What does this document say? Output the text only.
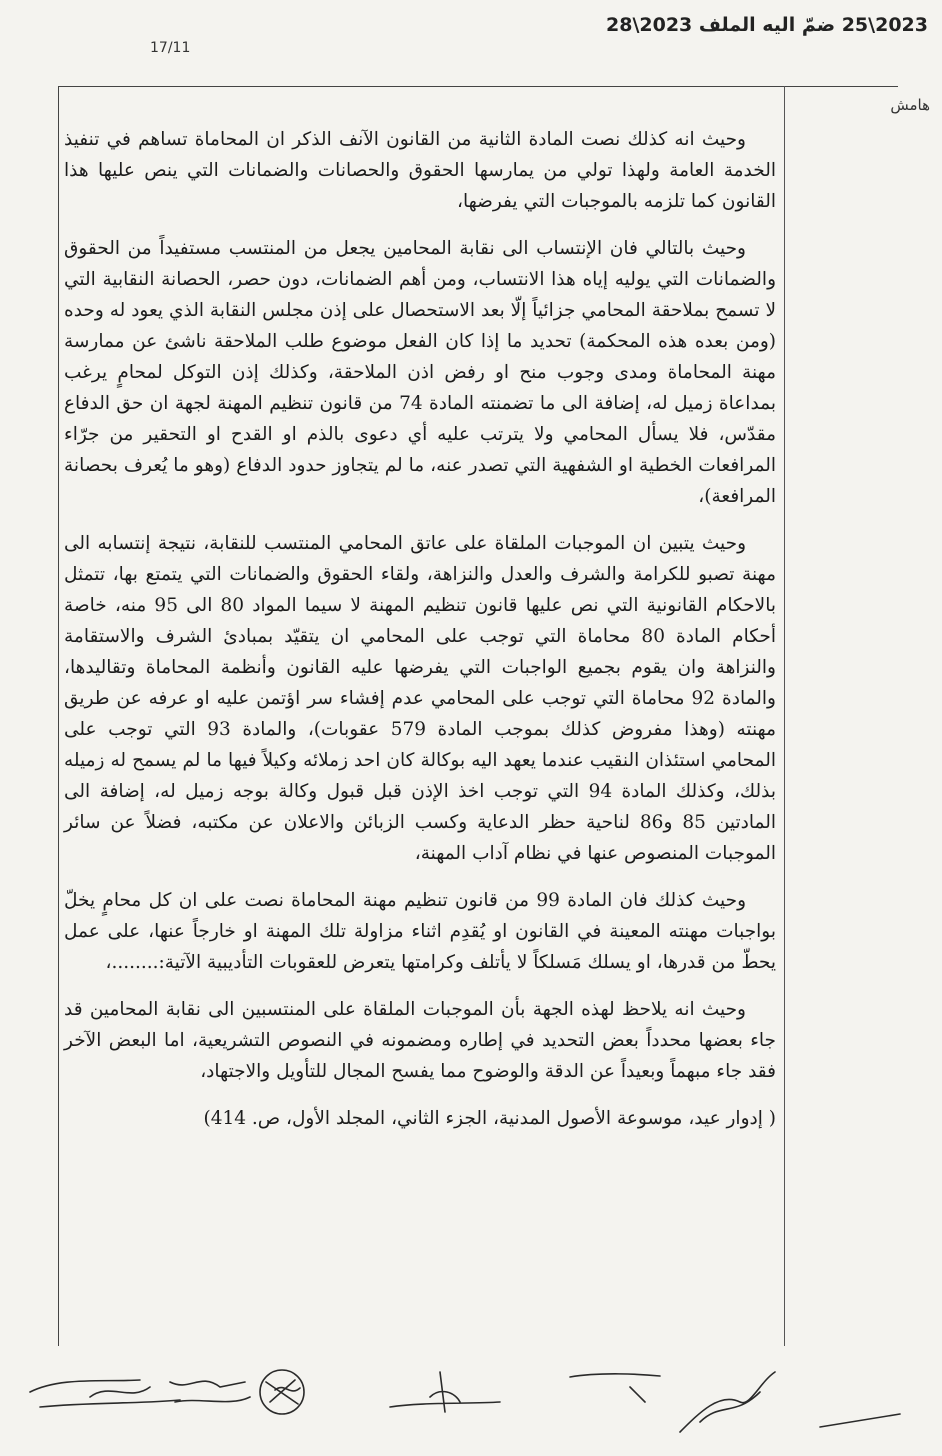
2023\25 ضمّ اليه الملف 2023\28
17/11
هامش

وحيث انه كذلك نصت المادة الثانية من القانون الآنف الذكر ان المحاماة تساهم في تنفيذ الخدمة العامة ولهذا تولي من يمارسها الحقوق والحصانات والضمانات التي ينص عليها هذا القانون كما تلزمه بالموجبات التي يفرضها،

وحيث بالتالي فان الإنتساب الى نقابة المحامين يجعل من المنتسب مستفيداً من الحقوق والضمانات التي يوليه إياه هذا الانتساب، ومن أهم الضمانات، دون حصر، الحصانة النقابية التي لا تسمح بملاحقة المحامي جزائياً إلّا بعد الاستحصال على إذن مجلس النقابة الذي يعود له وحده (ومن بعده هذه المحكمة) تحديد ما إذا كان الفعل موضوع طلب الملاحقة ناشئ عن ممارسة مهنة المحاماة ومدى وجوب منح او رفض اذن الملاحقة، وكذلك إذن التوكل لمحامٍ يرغب بمداعاة زميل له، إضافة الى ما تضمنته المادة 74 من قانون تنظيم المهنة لجهة ان حق الدفاع مقدّس، فلا يسأل المحامي ولا يترتب عليه أي دعوى بالذم او القدح او التحقير من جرّاء المرافعات الخطية او الشفهية التي تصدر عنه، ما لم يتجاوز حدود الدفاع (وهو ما يُعرف بحصانة المرافعة)،

وحيث يتبين ان الموجبات الملقاة على عاتق المحامي المنتسب للنقابة، نتيجة إنتسابه الى مهنة تصبو للكرامة والشرف والعدل والنزاهة، ولقاء الحقوق والضمانات التي يتمتع بها، تتمثل بالاحكام القانونية التي نص عليها قانون تنظيم المهنة لا سيما المواد 80 الى 95 منه، خاصة أحكام المادة 80 محاماة التي توجب على المحامي ان يتقيّد بمبادئ الشرف والاستقامة والنزاهة وان يقوم بجميع الواجبات التي يفرضها عليه القانون وأنظمة المحاماة وتقاليدها، والمادة 92 محاماة التي توجب على المحامي عدم إفشاء سر اؤتمن عليه او عرفه عن طريق مهنته (وهذا مفروض كذلك بموجب المادة 579 عقوبات)، والمادة 93 التي توجب على المحامي استئذان النقيب عندما يعهد اليه بوكالة كان احد زملائه وكيلاً فيها ما لم يسمح له زميله بذلك، وكذلك المادة 94 التي توجب اخذ الإذن قبل قبول وكالة بوجه زميل له، إضافة الى المادتين 85 و86 لناحية حظر الدعاية وكسب الزبائن والاعلان عن مكتبه، فضلاً عن سائر الموجبات المنصوص عنها في نظام آداب المهنة،

وحيث كذلك فان المادة 99 من قانون تنظيم مهنة المحاماة نصت على ان كل محامٍ يخلّ بواجبات مهنته المعينة في القانون او يُقدِم اثناء مزاولة تلك المهنة او خارجاً عنها، على عمل يحطّ من قدرها، او يسلك مَسلكاً لا يأتلف وكرامتها يتعرض للعقوبات التأديبية الآتية:........،

وحيث انه يلاحظ لهذه الجهة بأن الموجبات الملقاة على المنتسبين الى نقابة المحامين قد جاء بعضها محدداً بعض التحديد في إطاره ومضمونه في النصوص التشريعية، اما البعض الآخر فقد جاء مبهماً وبعيداً عن الدقة والوضوح مما يفسح المجال للتأويل والاجتهاد،

( إدوار عيد، موسوعة الأصول المدنية، الجزء الثاني، المجلد الأول، ص. 414)
